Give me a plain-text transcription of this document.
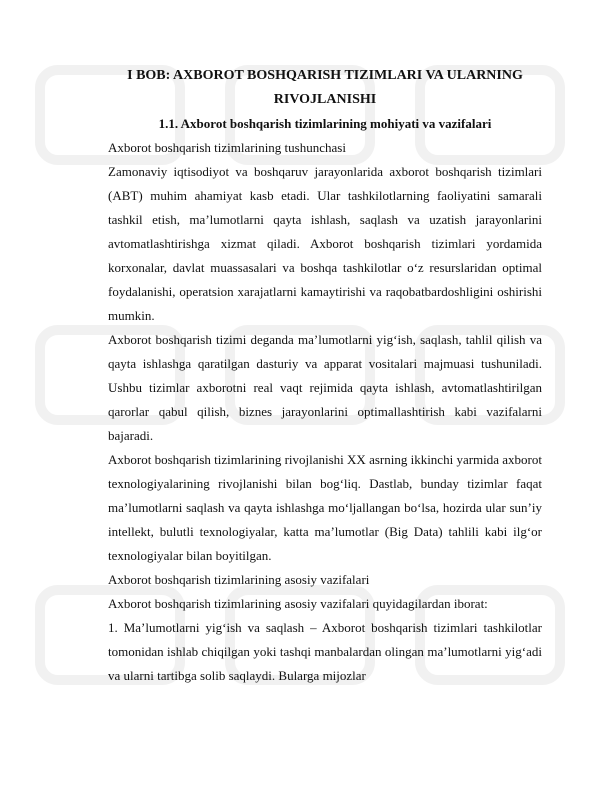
I BOB: AXBOROT BOSHQARISH TIZIMLARI VA ULARNING RIVOJLANISHI
1.1. Axborot boshqarish tizimlarining mohiyati va vazifalari

Axborot boshqarish tizimlarining tushunchasi

Zamonaviy iqtisodiyot va boshqaruv jarayonlarida axborot boshqarish tizimlari (ABT) muhim ahamiyat kasb etadi. Ular tashkilotlarning faoliyatini samarali tashkil etish, ma’lumotlarni qayta ishlash, saqlash va uzatish jarayonlarini avtomatlashtirishga xizmat qiladi. Axborot boshqarish tizimlari yordamida korxonalar, davlat muassasalari va boshqa tashkilotlar o‘z resurslaridan optimal foydalanishi, operatsion xarajatlarni kamaytirishi va raqobatbardoshligini oshirishi mumkin.

Axborot boshqarish tizimi deganda ma’lumotlarni yig‘ish, saqlash, tahlil qilish va qayta ishlashga qaratilgan dasturiy va apparat vositalari majmuasi tushuniladi. Ushbu tizimlar axborotni real vaqt rejimida qayta ishlash, avtomatlashtirilgan qarorlar qabul qilish, biznes jarayonlarini optimallashtirish kabi vazifalarni bajaradi.

Axborot boshqarish tizimlarining rivojlanishi XX asrning ikkinchi yarmida axborot texnologiyalarining rivojlanishi bilan bog‘liq. Dastlab, bunday tizimlar faqat ma’lumotlarni saqlash va qayta ishlashga mo‘ljallangan bo‘lsa, hozirda ular sun’iy intellekt, bulutli texnologiyalar, katta ma’lumotlar (Big Data) tahlili kabi ilg‘or texnologiyalar bilan boyitilgan.

Axborot boshqarish tizimlarining asosiy vazifalari

Axborot boshqarish tizimlarining asosiy vazifalari quyidagilardan iborat:

1. Ma’lumotlarni yig‘ish va saqlash – Axborot boshqarish tizimlari tashkilotlar tomonidan ishlab chiqilgan yoki tashqi manbalardan olingan ma’lumotlarni yig‘adi va ularni tartibga solib saqlaydi. Bularga mijozlar
